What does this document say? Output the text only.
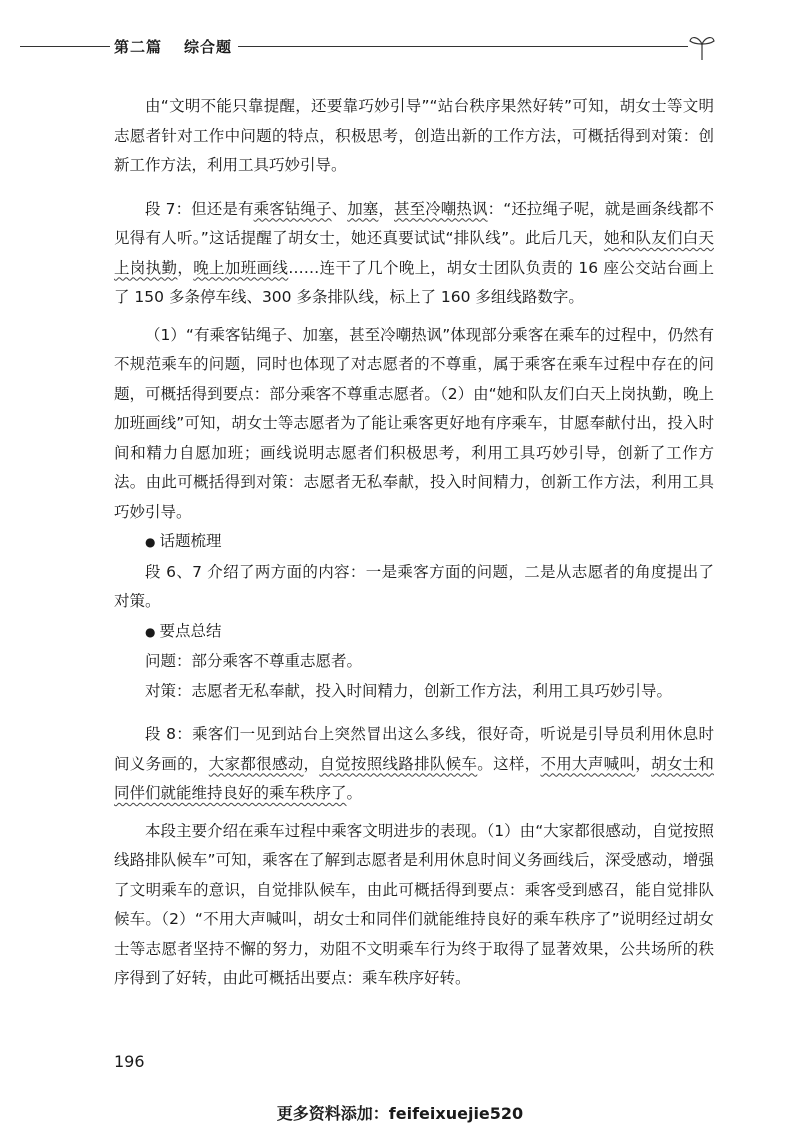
第二篇 综合题

由“文明不能只靠提醒，还要靠巧妙引导”“站台秩序果然好转”可知，胡女士等文明志愿者针对工作中问题的特点，积极思考，创造出新的工作方法，可概括得到对策：创新工作方法，利用工具巧妙引导。

段 7：但还是有乘客钻绳子、加塞，甚至冷嘲热讽：“还拉绳子呢，就是画条线都不见得有人听。”这话提醒了胡女士，她还真要试试“排队线”。此后几天，她和队友们白天上岗执勤，晚上加班画线……连干了几个晚上，胡女士团队负责的 16 座公交站台画上了 150 多条停车线、300 多条排队线，标上了 160 多组线路数字。

（1）“有乘客钻绳子、加塞，甚至冷嘲热讽”体现部分乘客在乘车的过程中，仍然有不规范乘车的问题，同时也体现了对志愿者的不尊重，属于乘客在乘车过程中存在的问题，可概括得到要点：部分乘客不尊重志愿者。（2）由“她和队友们白天上岗执勤，晚上加班画线”可知，胡女士等志愿者为了能让乘客更好地有序乘车，甘愿奉献付出，投入时间和精力自愿加班；画线说明志愿者们积极思考，利用工具巧妙引导，创新了工作方法。由此可概括得到对策：志愿者无私奉献，投入时间精力，创新工作方法，利用工具巧妙引导。

● 话题梳理

段 6、7 介绍了两方面的内容：一是乘客方面的问题，二是从志愿者的角度提出了对策。

● 要点总结

问题：部分乘客不尊重志愿者。

对策：志愿者无私奉献，投入时间精力，创新工作方法，利用工具巧妙引导。

段 8：乘客们一见到站台上突然冒出这么多线，很好奇，听说是引导员利用休息时间义务画的，大家都很感动，自觉按照线路排队候车。这样，不用大声喊叫，胡女士和同伴们就能维持良好的乘车秩序了。

本段主要介绍在乘车过程中乘客文明进步的表现。（1）由“大家都很感动，自觉按照线路排队候车”可知，乘客在了解到志愿者是利用休息时间义务画线后，深受感动，增强了文明乘车的意识，自觉排队候车，由此可概括得到要点：乘客受到感召，能自觉排队候车。（2）“不用大声喊叫，胡女士和同伴们就能维持良好的乘车秩序了”说明经过胡女士等志愿者坚持不懈的努力，劝阻不文明乘车行为终于取得了显著效果，公共场所的秩序得到了好转，由此可概括出要点：乘车秩序好转。

196
更多资料添加：feifeixuejie520
